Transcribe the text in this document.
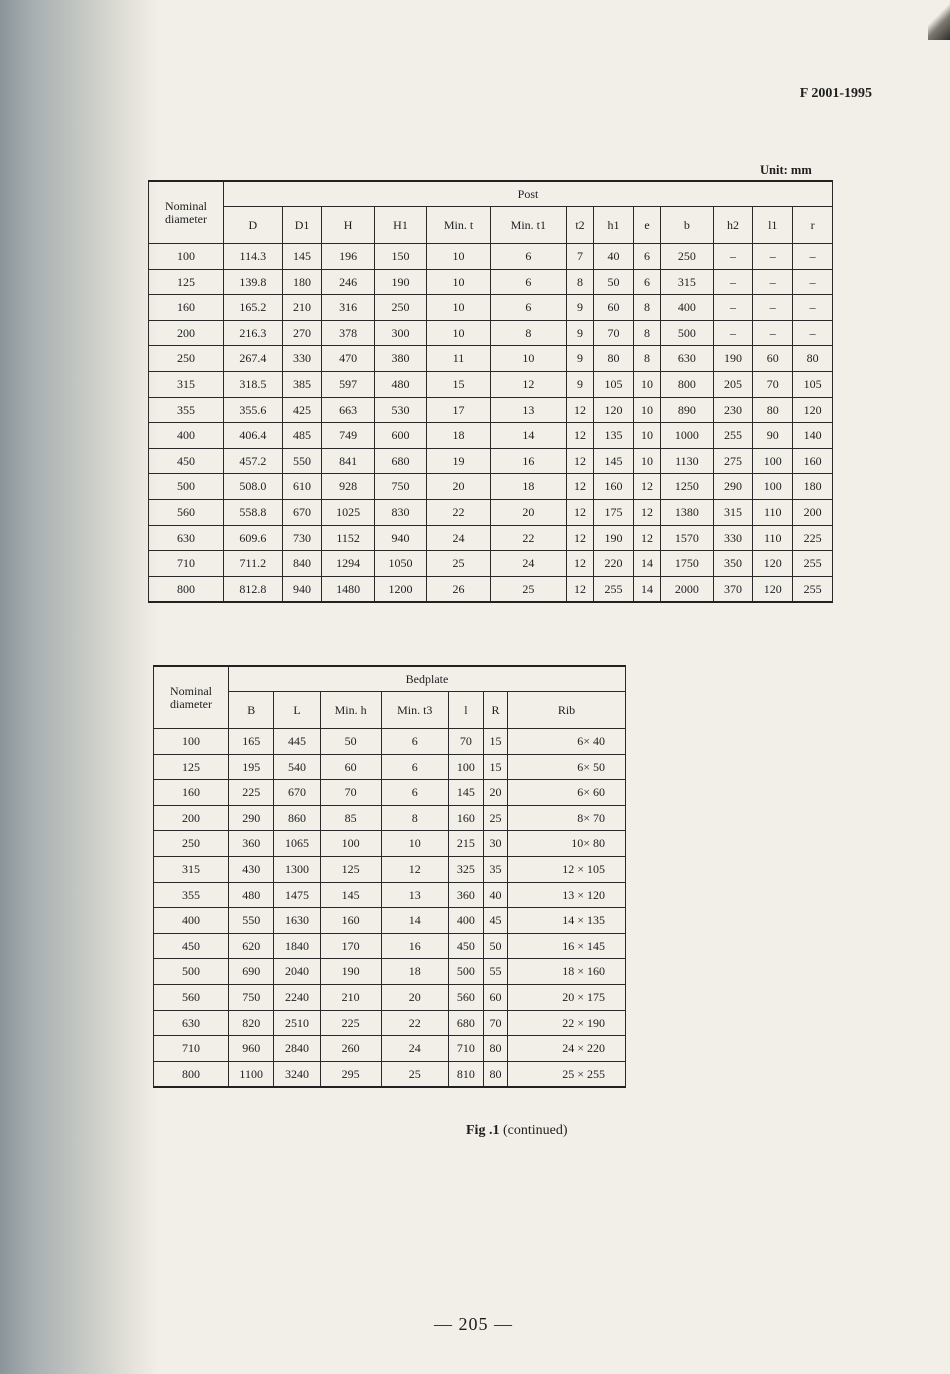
F 2001-1995
Unit: mm
Nominal
diameter	Post												
	D	D1	H	H1	Min. t	Min. t1	t2	h1	e	b	h2	l1	r
100	114.3	145	196	150	10	6	7	40	6	250	–	–	–
125	139.8	180	246	190	10	6	8	50	6	315	–	–	–
160	165.2	210	316	250	10	6	9	60	8	400	–	–	–
200	216.3	270	378	300	10	8	9	70	8	500	–	–	–
250	267.4	330	470	380	11	10	9	80	8	630	190	60	80
315	318.5	385	597	480	15	12	9	105	10	800	205	70	105
355	355.6	425	663	530	17	13	12	120	10	890	230	80	120
400	406.4	485	749	600	18	14	12	135	10	1000	255	90	140
450	457.2	550	841	680	19	16	12	145	10	1130	275	100	160
500	508.0	610	928	750	20	18	12	160	12	1250	290	100	180
560	558.8	670	1025	830	22	20	12	175	12	1380	315	110	200
630	609.6	730	1152	940	24	22	12	190	12	1570	330	110	225
710	711.2	840	1294	1050	25	24	12	220	14	1750	350	120	255
800	812.8	940	1480	1200	26	25	12	255	14	2000	370	120	255
Nominal
diameter	Bedplate						
	B	L	Min. h	Min. t3	l	R	Rib
100	165	445	50	6	70	15	6× 40
125	195	540	60	6	100	15	6× 50
160	225	670	70	6	145	20	6× 60
200	290	860	85	8	160	25	8× 70
250	360	1065	100	10	215	30	10× 80
315	430	1300	125	12	325	35	12 × 105
355	480	1475	145	13	360	40	13 × 120
400	550	1630	160	14	400	45	14 × 135
450	620	1840	170	16	450	50	16 × 145
500	690	2040	190	18	500	55	18 × 160
560	750	2240	210	20	560	60	20 × 175
630	820	2510	225	22	680	70	22 × 190
710	960	2840	260	24	710	80	24 × 220
800	1100	3240	295	25	810	80	25 × 255
Fig .1 (continued)
— 205 —
